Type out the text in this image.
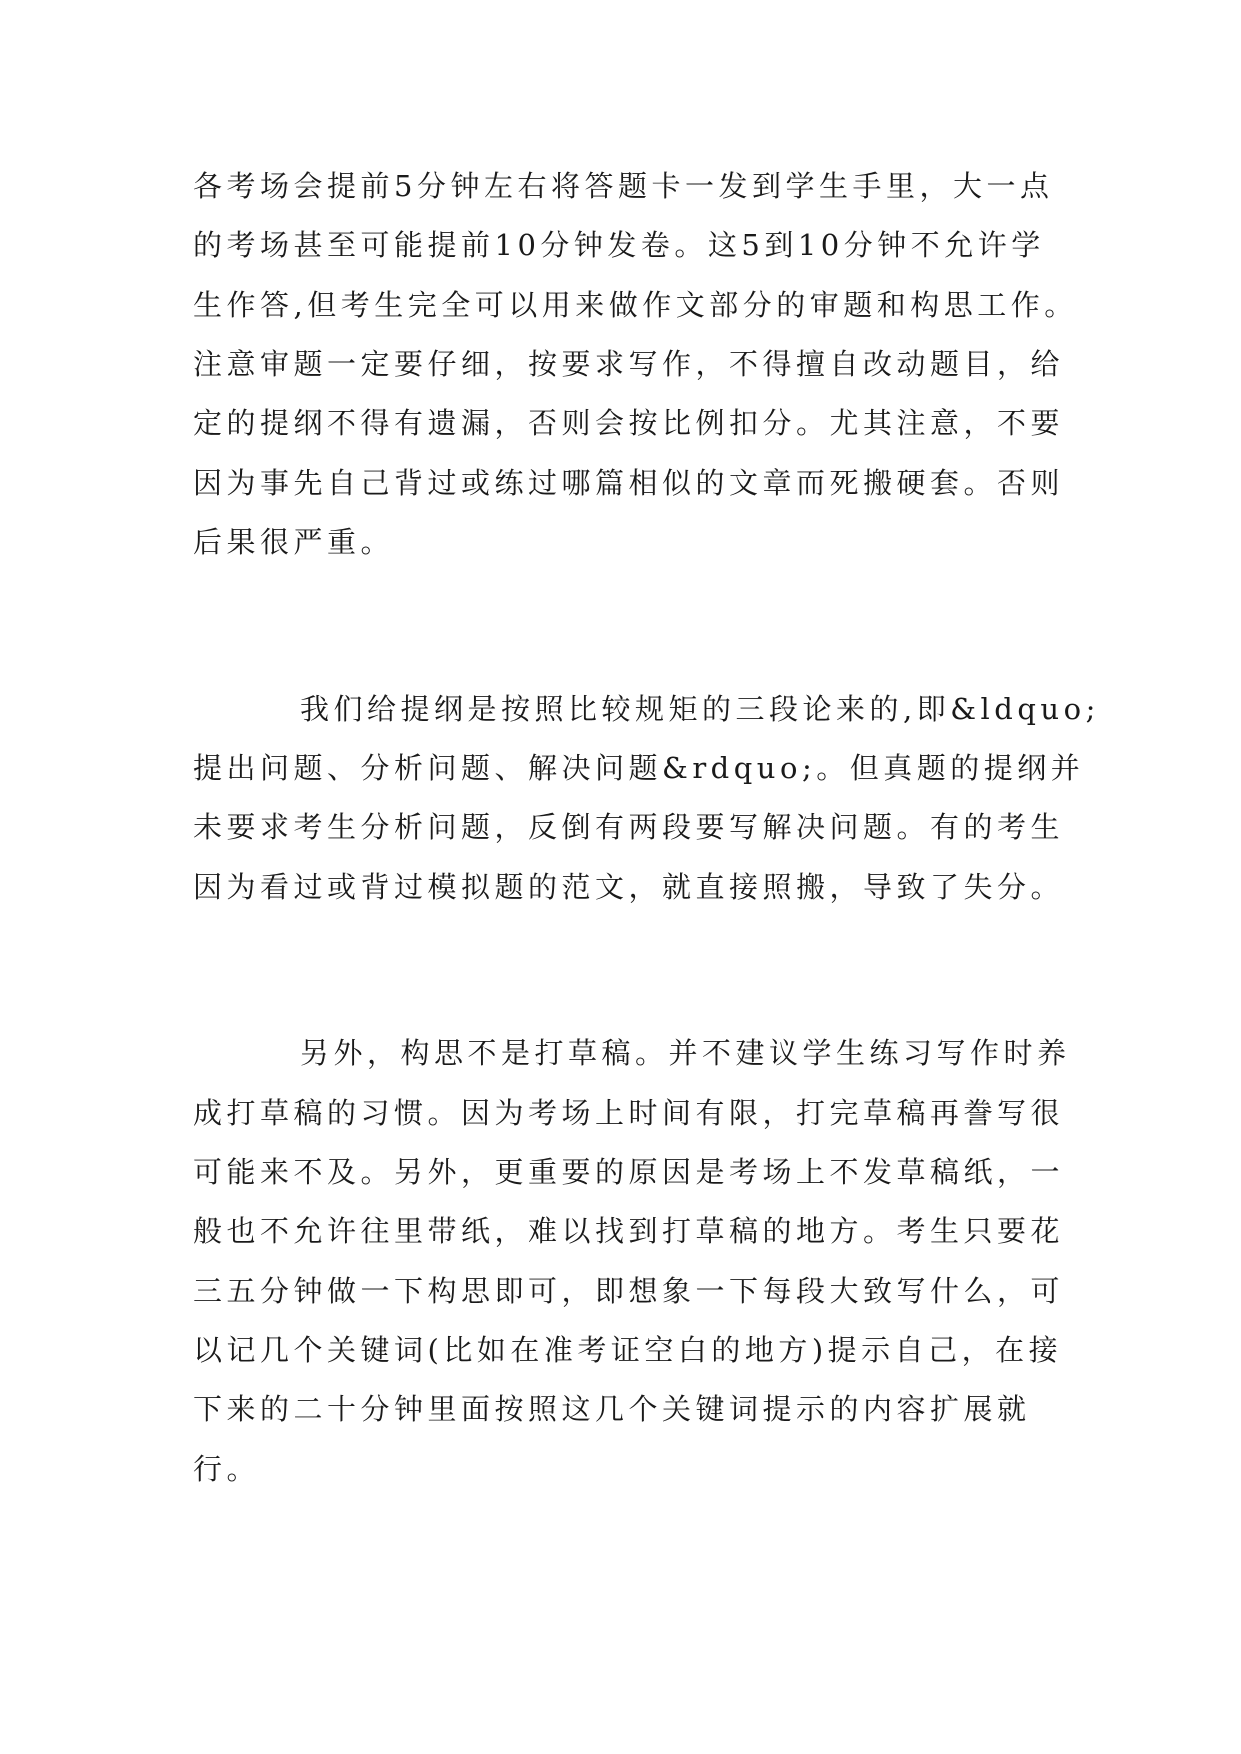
各考场会提前5分钟左右将答题卡一发到学生手里，大一点
的考场甚至可能提前10分钟发卷。这5到10分钟不允许学
生作答,但考生完全可以用来做作文部分的审题和构思工作。
注意审题一定要仔细，按要求写作，不得擅自改动题目，给
定的提纲不得有遗漏，否则会按比例扣分。尤其注意，不要
因为事先自己背过或练过哪篇相似的文章而死搬硬套。否则
后果很严重。
我们给提纲是按照比较规矩的三段论来的,即&ldquo;
提出问题、分析问题、解决问题&rdquo;。但真题的提纲并
未要求考生分析问题，反倒有两段要写解决问题。有的考生
因为看过或背过模拟题的范文，就直接照搬，导致了失分。
另外，构思不是打草稿。并不建议学生练习写作时养
成打草稿的习惯。因为考场上时间有限，打完草稿再誊写很
可能来不及。另外，更重要的原因是考场上不发草稿纸，一
般也不允许往里带纸，难以找到打草稿的地方。考生只要花
三五分钟做一下构思即可，即想象一下每段大致写什么，可
以记几个关键词(比如在准考证空白的地方)提示自己，在接
下来的二十分钟里面按照这几个关键词提示的内容扩展就
行。
